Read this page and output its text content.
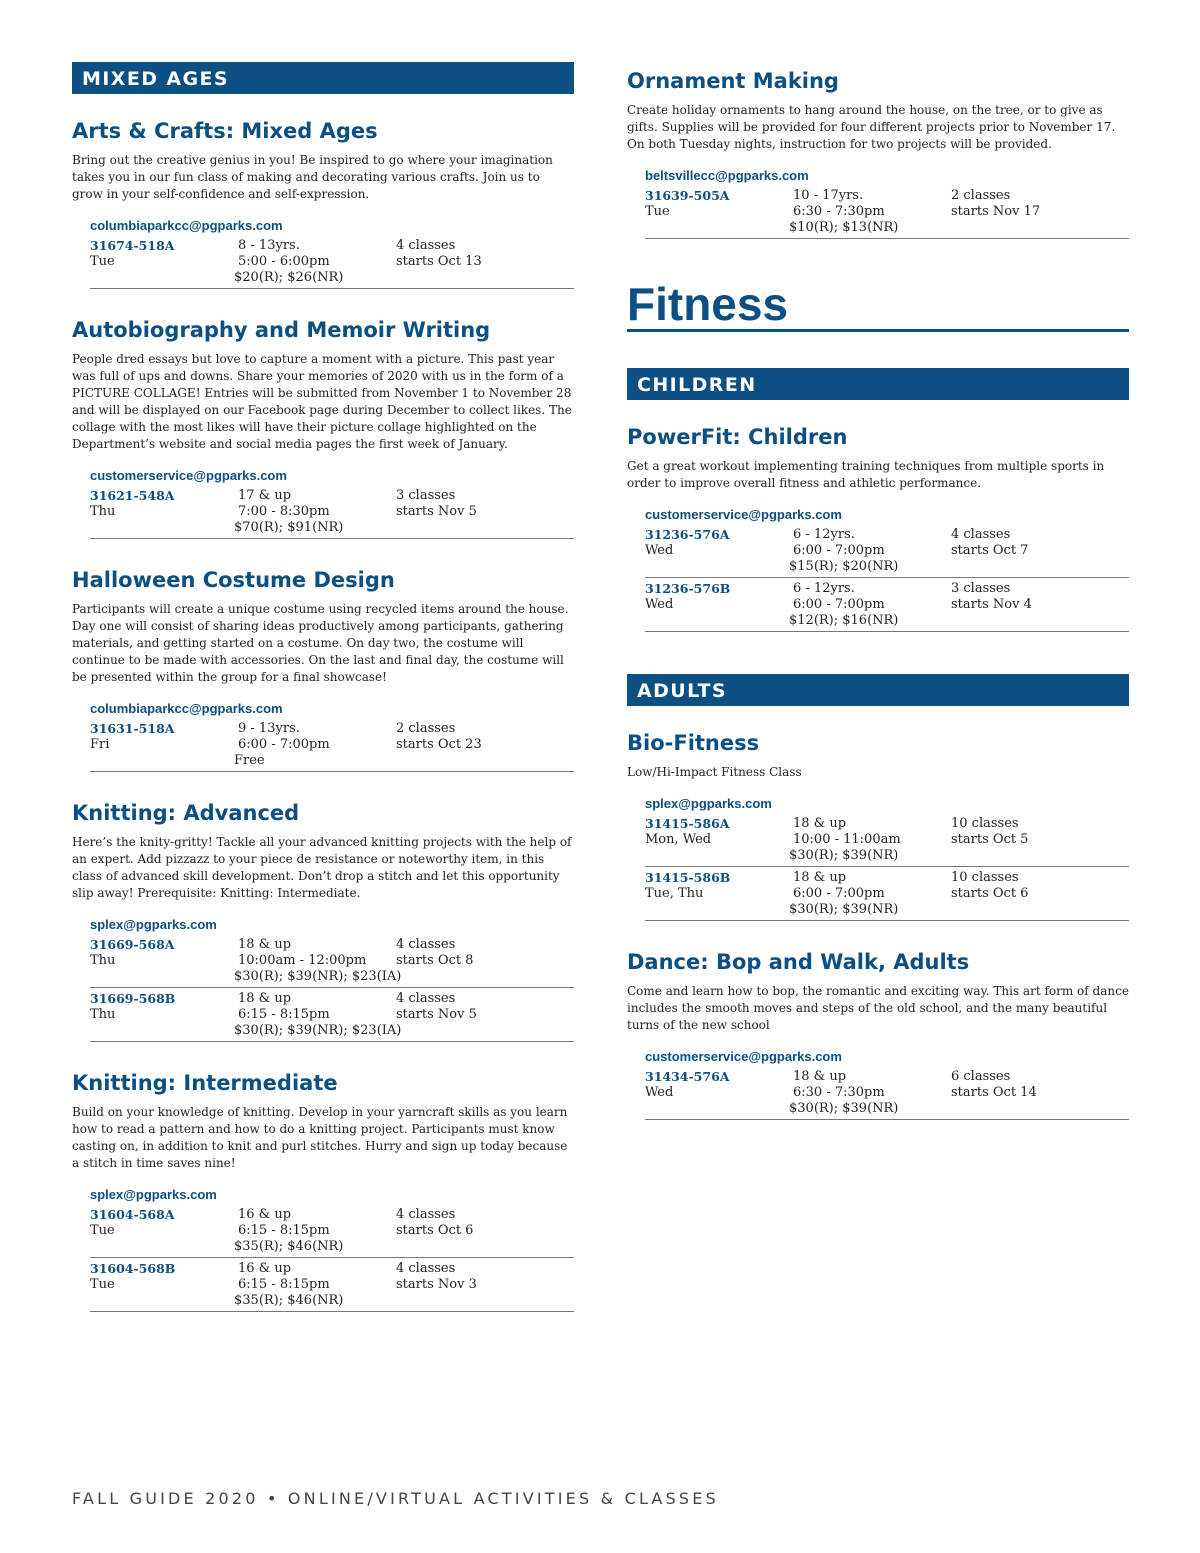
MIXED AGES
Arts & Crafts: Mixed Ages

Bring out the creative genius in you! Be inspired to go where your imagination takes you in our fun class of making and decorating various crafts. Join us to grow in your self-confidence and self-expression.

columbiaparkcc@pgparks.com
31674-518A
Tue
8 - 13yrs.
5:00 - 6:00pm
$20(R); $26(NR)
4 classes
starts Oct 13
Autobiography and Memoir Writing

People dred essays but love to capture a moment with a picture. This past year was full of ups and downs. Share your memories of 2020 with us in the form of a PICTURE COLLAGE! Entries will be submitted from November 1 to November 28 and will be displayed on our Facebook page during December to collect likes. The collage with the most likes will have their picture collage highlighted on the Department’s website and social media pages the first week of January.

customerservice@pgparks.com
31621-548A
Thu
17 & up
7:00 - 8:30pm
$70(R); $91(NR)
3 classes
starts Nov 5
Halloween Costume Design

Participants will create a unique costume using recycled items around the house. Day one will consist of sharing ideas productively among participants, gathering materials, and getting started on a costume. On day two, the costume will continue to be made with accessories. On the last and final day, the costume will be presented within the group for a final showcase!

columbiaparkcc@pgparks.com
31631-518A
Fri
9 - 13yrs.
6:00 - 7:00pm
Free
2 classes
starts Oct 23
Knitting: Advanced

Here’s the knity-gritty! Tackle all your advanced knitting projects with the help of an expert. Add pizzazz to your piece de resistance or noteworthy item, in this class of advanced skill development. Don’t drop a stitch and let this opportunity slip away! Prerequisite: Knitting: Intermediate.

splex@pgparks.com
31669-568A
Thu
18 & up
10:00am - 12:00pm
$30(R); $39(NR); $23(IA)
4 classes
starts Oct 8
31669-568B
Thu
18 & up
6:15 - 8:15pm
$30(R); $39(NR); $23(IA)
4 classes
starts Nov 5
Knitting: Intermediate

Build on your knowledge of knitting. Develop in your yarncraft skills as you learn how to read a pattern and how to do a knitting project. Participants must know casting on, in addition to knit and purl stitches. Hurry and sign up today because a stitch in time saves nine!

splex@pgparks.com
31604-568A
Tue
16 & up
6:15 - 8:15pm
$35(R); $46(NR)
4 classes
starts Oct 6
31604-568B
Tue
16 & up
6:15 - 8:15pm
$35(R); $46(NR)
4 classes
starts Nov 3
Ornament Making

Create holiday ornaments to hang around the house, on the tree, or to give as gifts. Supplies will be provided for four different projects prior to November 17. On both Tuesday nights, instruction for two projects will be provided.

beltsvillecc@pgparks.com
31639-505A
Tue
10 - 17yrs.
6:30 - 7:30pm
$10(R); $13(NR)
2 classes
starts Nov 17
Fitness
CHILDREN
PowerFit: Children

Get a great workout implementing training techniques from multiple sports in order to improve overall fitness and athletic performance.

customerservice@pgparks.com
31236-576A
Wed
6 - 12yrs.
6:00 - 7:00pm
$15(R); $20(NR)
4 classes
starts Oct 7
31236-576B
Wed
6 - 12yrs.
6:00 - 7:00pm
$12(R); $16(NR)
3 classes
starts Nov 4
ADULTS
Bio-Fitness

Low/Hi-Impact Fitness Class

splex@pgparks.com
31415-586A
Mon, Wed
18 & up
10:00 - 11:00am
$30(R); $39(NR)
10 classes
starts Oct 5
31415-586B
Tue, Thu
18 & up
6:00 - 7:00pm
$30(R); $39(NR)
10 classes
starts Oct 6
Dance: Bop and Walk, Adults

Come and learn how to bop, the romantic and exciting way. This art form of dance includes the smooth moves and steps of the old school, and the many beautiful turns of the new school

customerservice@pgparks.com
31434-576A
Wed
18 & up
6:30 - 7:30pm
$30(R); $39(NR)
6 classes
starts Oct 14
FALL GUIDE 2020 • ONLINE/VIRTUAL ACTIVITIES & CLASSES
